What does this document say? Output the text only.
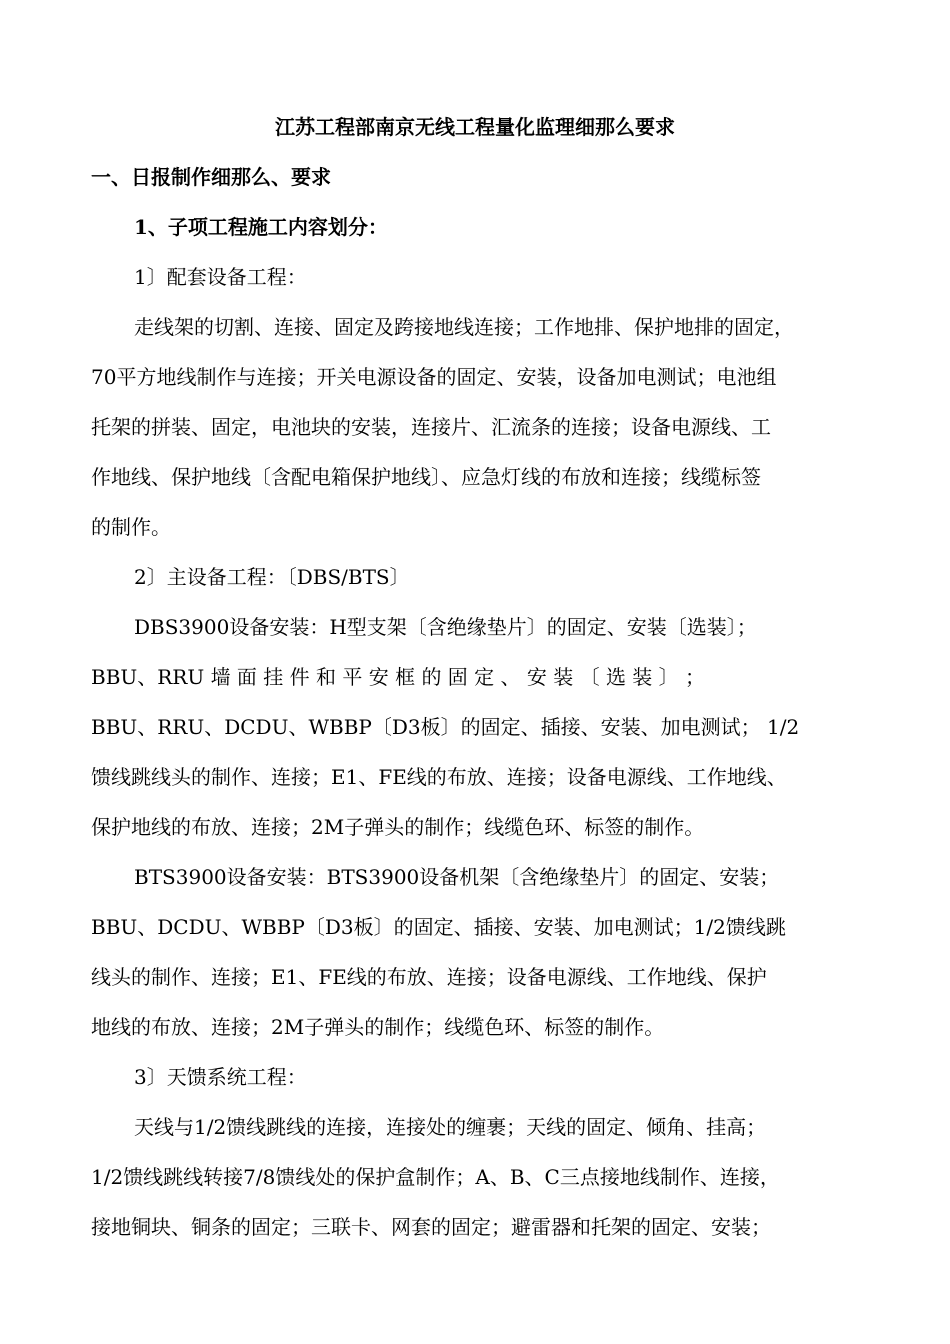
江苏工程部南京无线工程量化监理细那么要求
一、日报制作细那么、要求
1、子项工程施工内容划分：
1〕配套设备工程：
走线架的切割、连接、固定及跨接地线连接；工作地排、保护地排的固定，
70平方地线制作与连接；开关电源设备的固定、安装，设备加电测试；电池组
托架的拼装、固定，电池块的安装，连接片、汇流条的连接；设备电源线、工
作地线、保护地线〔含配电箱保护地线〕、应急灯线的布放和连接；线缆标签
的制作。
2〕主设备工程：〔DBS/BTS〕
DBS3900设备安装：H型支架〔含绝缘垫片〕的固定、安装〔选装〕；
BBU、RRU 墙 面 挂 件 和 平 安 框 的 固 定 、 安 装 〔 选 装 〕 ；
BBU、RRU、DCDU、WBBP〔D3板〕的固定、插接、安装、加电测试； 1/2
馈线跳线头的制作、连接；E1、FE线的布放、连接；设备电源线、工作地线、
保护地线的布放、连接；2M子弹头的制作；线缆色环、标签的制作。
BTS3900设备安装：BTS3900设备机架〔含绝缘垫片〕的固定、安装；
BBU、DCDU、WBBP〔D3板〕的固定、插接、安装、加电测试；1/2馈线跳
线头的制作、连接；E1、FE线的布放、连接；设备电源线、工作地线、保护
地线的布放、连接；2M子弹头的制作；线缆色环、标签的制作。
3〕天馈系统工程：
天线与1/2馈线跳线的连接，连接处的缠裹；天线的固定、倾角、挂高；
1/2馈线跳线转接7/8馈线处的保护盒制作；A、B、C三点接地线制作、连接，
接地铜块、铜条的固定；三联卡、网套的固定；避雷器和托架的固定、安装；
